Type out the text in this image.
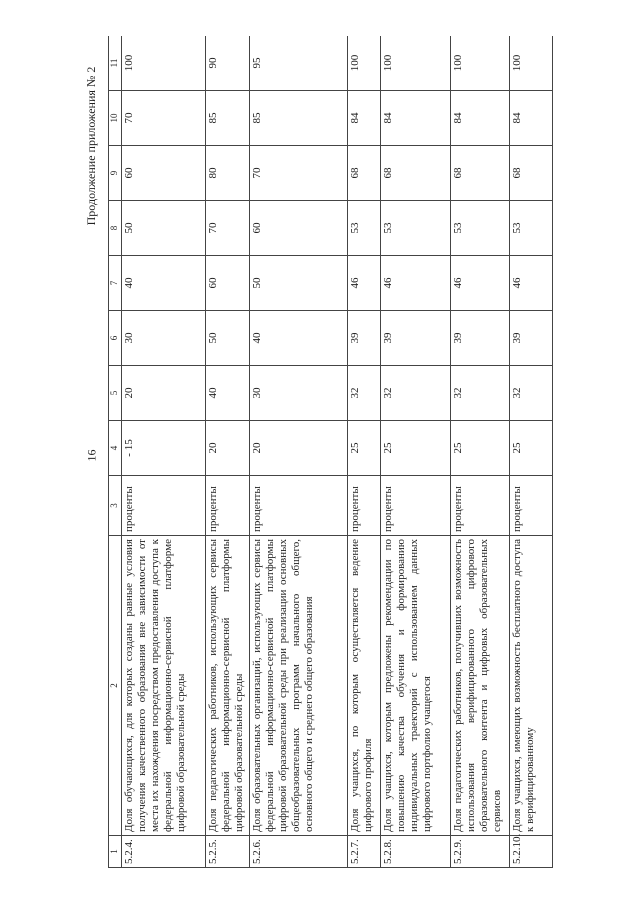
16
Продолжение приложения № 2
1	2	3	4	5	6	7	8	9	10	11
5.2.4.	Доля обучающихся, для которых созданы равные условия получения качественного образования вне зависимости от места их нахождения посредством предоставления доступа к федеральной информационно-сервисной платформе цифровой образовательной среды	проценты	- 15	20	30	40	50	60	70	100
5.2.5.	Доля педагогических работников, использующих сервисы федеральной информационно-сервисной платформы цифровой образовательной среды	проценты	20	40	50	60	70	80	85	90
5.2.6.	Доля образовательных организаций, использующих сервисы федеральной информационно-сервисной платформы цифровой образовательной среды при реализации основных общеобразовательных программ начального общего, основного общего и среднего общего образования	проценты	20	30	40	50	60	70	85	95
5.2.7.	Доля учащихся, по которым осуществляется ведение цифрового профиля	проценты	25	32	39	46	53	68	84	100
5.2.8.	Доля учащихся, которым предложены рекомендации по повышению качества обучения и формированию индивидуальных траекторий с использованием данных цифрового портфолио учащегося	проценты	25	32	39	46	53	68	84	100
5.2.9.	Доля педагогических работников, получивших возможность использования верифицированного цифрового образовательного контента и цифровых образовательных сервисов	проценты	25	32	39	46	53	68	84	100
5.2.10.	Доля учащихся, имеющих возможность бесплатного доступа к верифицированному	проценты	25	32	39	46	53	68	84	100
